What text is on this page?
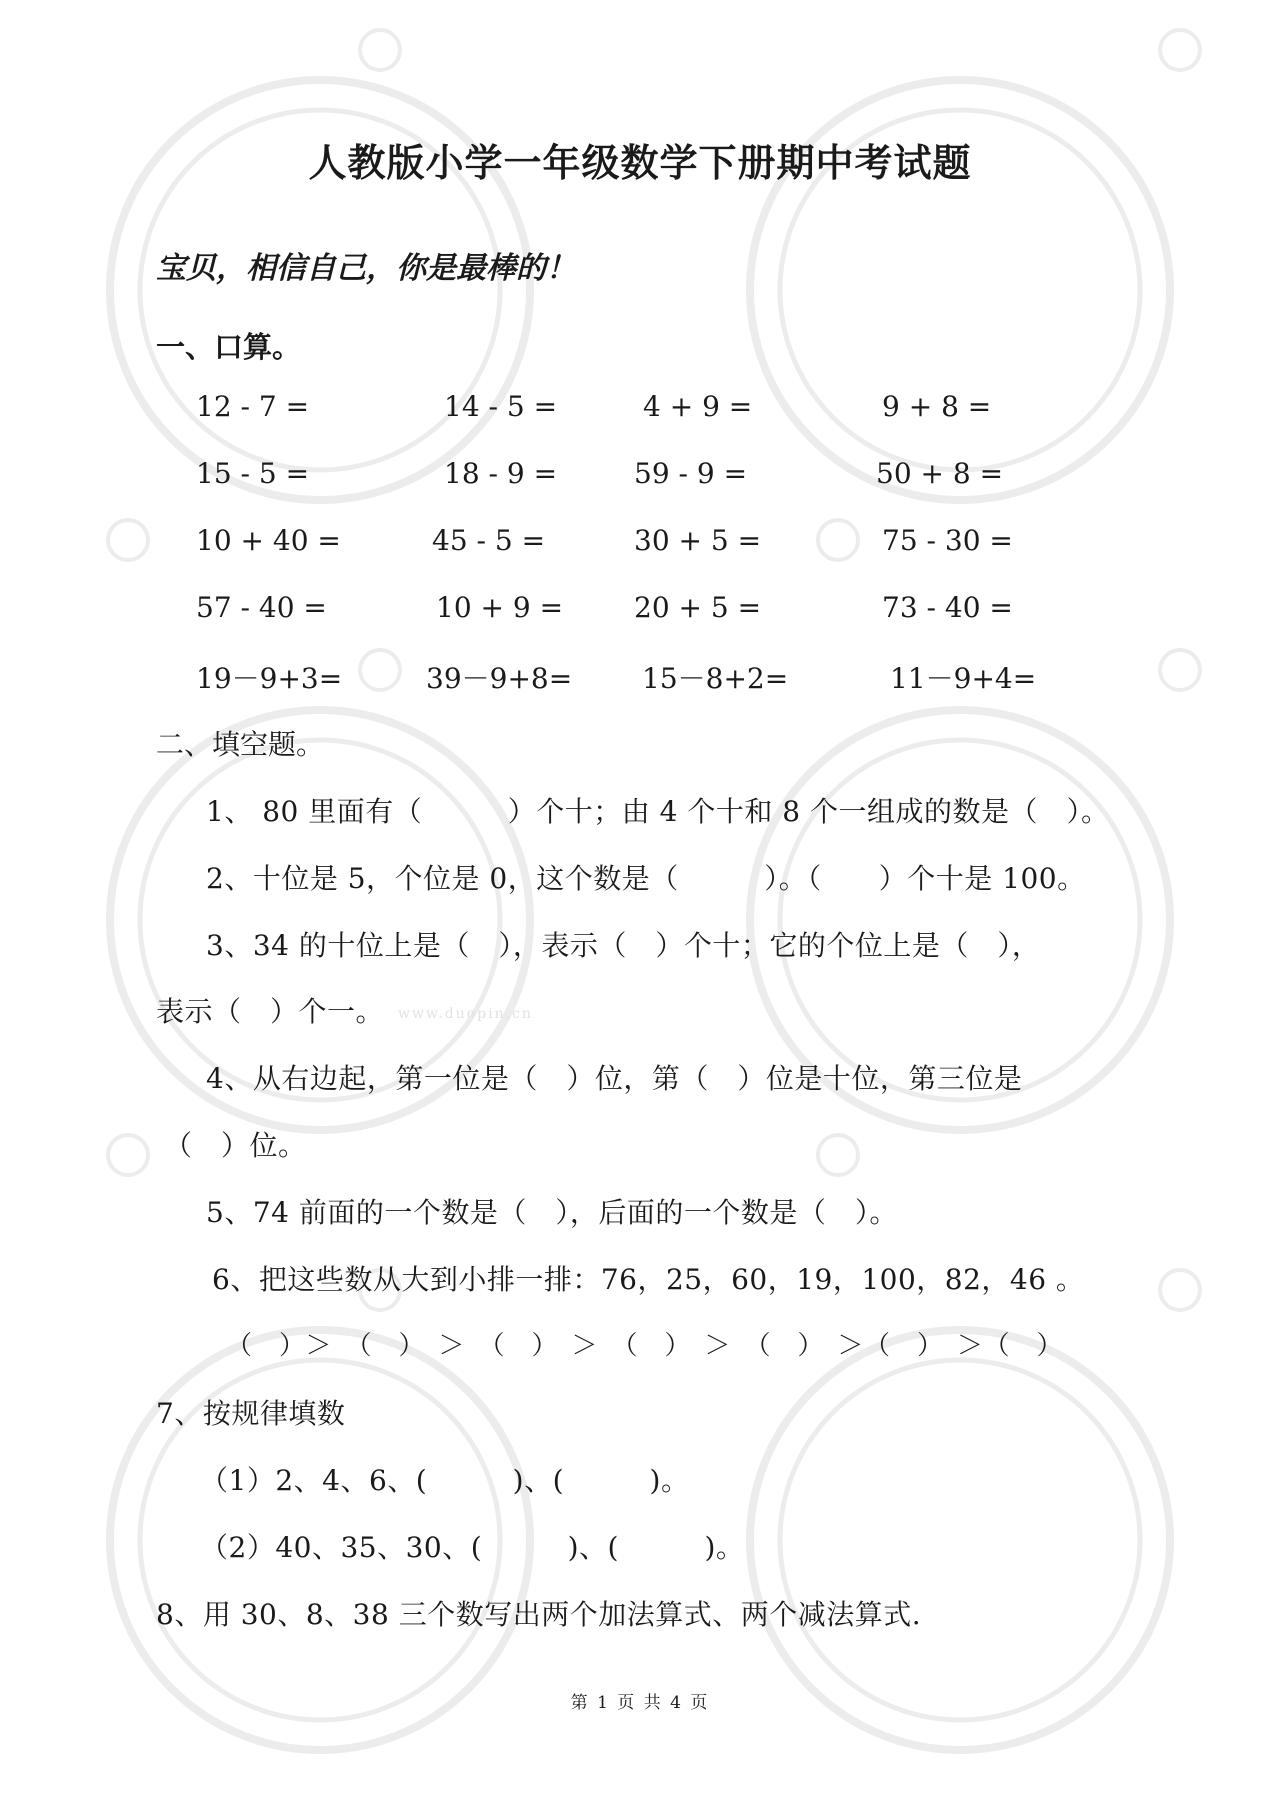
人教版小学一年级数学下册期中考试题
宝贝，相信自己，你是最棒的！
一、口算。
12 - 7 =	14 - 5 =	4 + 9 =	9 + 8 =
15 - 5 =	18 - 9 =	59 - 9 =	50 + 8 =
10 + 40 =	45 - 5 =	30 + 5 =	75 - 30 =
57 - 40 =	10 + 9 =	20 + 5 =	73 - 40 =
19－9+3=	39－9+8= 15－8+2=	11－9+4=
二、填空题。
1、 80 里面有（　　　）个十；由 4 个十和 8 个一组成的数是（　）。
2、十位是 5，个位是 0，这个数是（　　　）。（　　）个十是 100。
3、34 的十位上是（　），表示（　）个十；它的个位上是（　），
表示（　）个一。 www.duopin.cn
4、从右边起，第一位是（　）位，第（　）位是十位，第三位是
（　）位。
5、74 前面的一个数是（　），后面的一个数是（　）。
6、把这些数从大到小排一排：76，25，60，19，100，82，46 。
（　）＞　（　）　＞　（　）　＞　（　）　＞　（　）　＞（　）　＞（　）
7、按规律填数
（1）2、4、6、(　　　)、(　　　)。
（2）40、35、30、(　　　)、(　　　)。
8、用 30、8、38 三个数写出两个加法算式、两个减法算式.
第 1 页 共 4 页
